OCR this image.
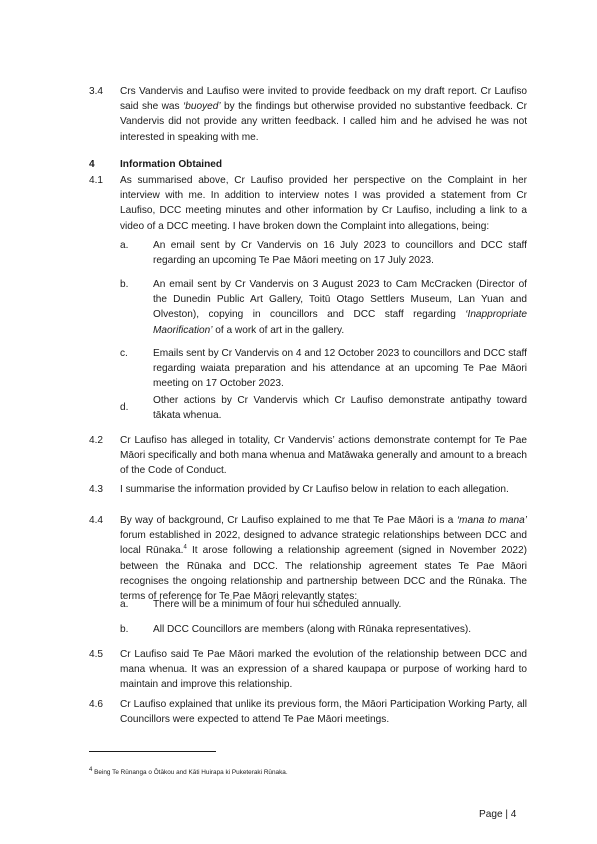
3.4 Crs Vandervis and Laufiso were invited to provide feedback on my draft report. Cr Laufiso said she was ‘buoyed’ by the findings but otherwise provided no substantive feedback. Cr Vandervis did not provide any written feedback. I called him and he advised he was not interested in speaking with me.

4	Information Obtained
4.1 As summarised above, Cr Laufiso provided her perspective on the Complaint in her interview with me. In addition to interview notes I was provided a statement from Cr Laufiso, DCC meeting minutes and other information by Cr Laufiso, including a link to a video of a DCC meeting. I have broken down the Complaint into allegations, being:

a. An email sent by Cr Vandervis on 16 July 2023 to councillors and DCC staff regarding an upcoming Te Pae Māori meeting on 17 July 2023.

b. An email sent by Cr Vandervis on 3 August 2023 to Cam McCracken (Director of the Dunedin Public Art Gallery, Toitū Otago Settlers Museum, Lan Yuan and Olveston), copying in councillors and DCC staff regarding ‘Inappropriate Maorification’ of a work of art in the gallery.

c. Emails sent by Cr Vandervis on 4 and 12 October 2023 to councillors and DCC staff regarding waiata preparation and his attendance at an upcoming Te Pae Māori meeting on 17 October 2023.

d.

Other actions by Cr Vandervis which Cr Laufiso demonstrate antipathy toward tākata whenua.

4.2 Cr Laufiso has alleged in totality, Cr Vandervis’ actions demonstrate contempt for Te Pae Māori specifically and both mana whenua and Matāwaka generally and amount to a breach of the Code of Conduct.

4.3 I summarise the information provided by Cr Laufiso below in relation to each allegation.

4.4 By way of background, Cr Laufiso explained to me that Te Pae Māori is a ‘mana to mana’ forum established in 2022, designed to advance strategic relationships between DCC and local Rūnaka.$^4$ It arose following a relationship agreement (signed in November 2022) between the Rūnaka and DCC. The relationship agreement states Te Pae Māori recognises the ongoing relationship and partnership between DCC and the Rūnaka. The terms of reference for Te Pae Māori relevantly states:

a. There will be a minimum of four hui scheduled annually.

b. All DCC Councillors are members (along with Rūnaka representatives).

4.5 Cr Laufiso said Te Pae Māori marked the evolution of the relationship between DCC and mana whenua. It was an expression of a shared kaupapa or purpose of working hard to maintain and improve this relationship.

4.6 Cr Laufiso explained that unlike its previous form, the Māori Participation Working Party, all Councillors were expected to attend Te Pae Māori meetings.

$^4$ Being Te Rūnanga o Ōtākou and Kāti Huirapa ki Puketeraki Rūnaka.
Page | 4
